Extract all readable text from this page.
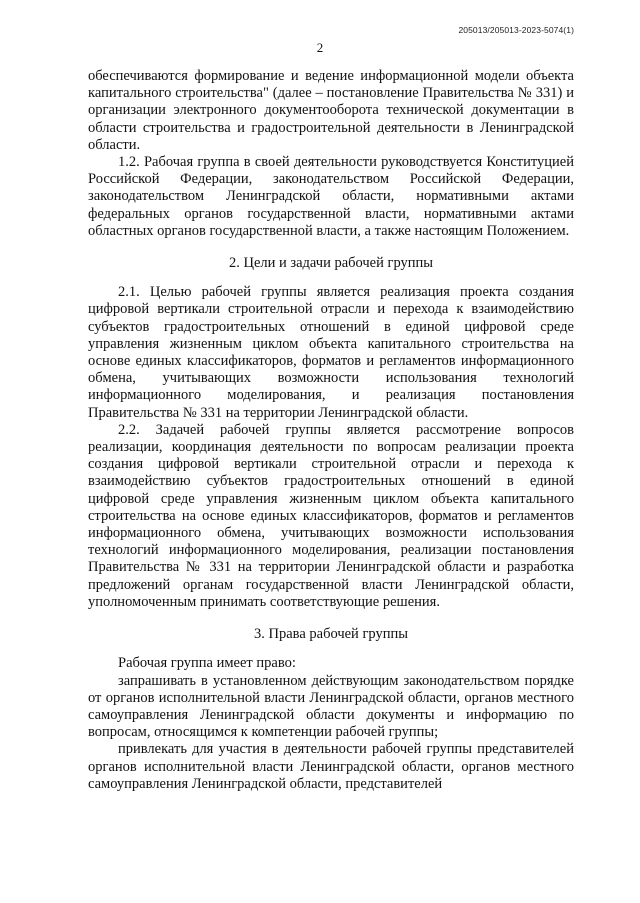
205013/205013-2023-5074(1)
2

обеспечиваются формирование и ведение информационной модели объекта капитального строительства" (далее – постановление Правительства № 331) и организации электронного документооборота технической документации в области строительства и градостроительной деятельности в Ленинградской области.

1.2. Рабочая группа в своей деятельности руководствуется Конституцией Российской Федерации, законодательством Российской Федерации, законодательством Ленинградской области, нормативными актами федеральных органов государственной власти, нормативными актами областных органов государственной власти, а также настоящим Положением.

2. Цели и задачи рабочей группы

2.1. Целью рабочей группы является реализация проекта создания цифровой вертикали строительной отрасли и перехода к взаимодействию субъектов градостроительных отношений в единой цифровой среде управления жизненным циклом объекта капитального строительства на основе единых классификаторов, форматов и регламентов информационного обмена, учитывающих возможности использования технологий информационного моделирования, и реализация постановления Правительства № 331 на территории Ленинградской области.

2.2. Задачей рабочей группы является рассмотрение вопросов реализации, координация деятельности по вопросам реализации проекта создания цифровой вертикали строительной отрасли и перехода к взаимодействию субъектов градостроительных отношений в единой цифровой среде управления жизненным циклом объекта капитального строительства на основе единых классификаторов, форматов и регламентов информационного обмена, учитывающих возможности использования технологий информационного моделирования, реализации постановления Правительства № 331 на территории Ленинградской области и разработка предложений органам государственной власти Ленинградской области, уполномоченным принимать соответствующие решения.

3. Права рабочей группы

Рабочая группа имеет право:

запрашивать в установленном действующим законодательством порядке от органов исполнительной власти Ленинградской области, органов местного самоуправления Ленинградской области документы и информацию по вопросам, относящимся к компетенции рабочей группы;

привлекать для участия в деятельности рабочей группы представителей органов исполнительной власти Ленинградской области, органов местного самоуправления Ленинградской области, представителей
